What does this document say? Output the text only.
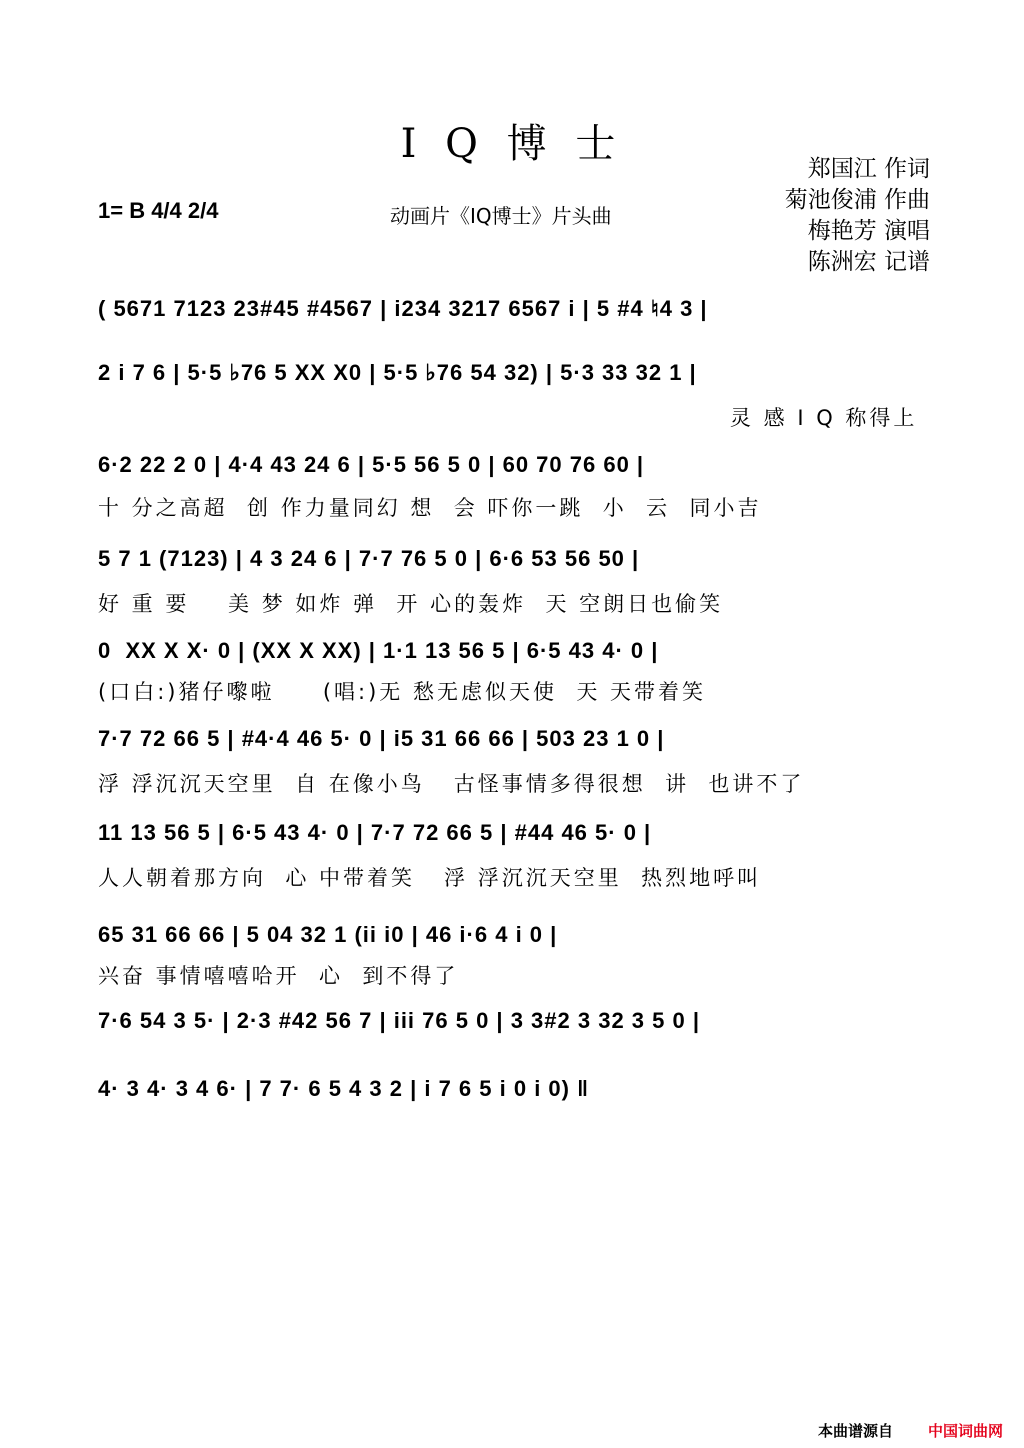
I Q 博 士
郑国江 作词
菊池俊浦 作曲
梅艳芳 演唱
陈洲宏 记谱
1= B 4/4 2/4	动画片《IQ博士》片头曲
( 5671 7123 23#45 #4567 | i234 3217 6567 i | 5 #4 ♮4 3 |
2 i 7 6 | 5·5 ♭76 5 XX X0 | 5·5 ♭76 54 32) | 5·3 33 32 1 |
灵 感 I Q 称得上
6·2 22 2 0 | 4·4 43 24 6 | 5·5 56 5 0 | 60 70 76 60 |
十 分之高超  创 作力量同幻 想  会 吓你一跳  小  云  同小吉
5 7 1 (7123) | 4 3 24 6 | 7·7 76 5 0 | 6·6 53 56 50 |
好 重 要    美 梦 如炸 弹  开 心的轰炸  天 空朗日也偷笑
0  XX X X· 0 | (XX X XX) | 1·1 13 56 5 | 6·5 43 4· 0 |
(口白:)猪仔嚟啦     (唱:)无 愁无虑似天使  天 天带着笑
7·7 72 66 5 | #4·4 46 5· 0 | i5 31 66 66 | 503 23 1 0 |
浮 浮沉沉天空里  自 在像小鸟   古怪事情多得很想  讲  也讲不了
11 13 56 5 | 6·5 43 4· 0 | 7·7 72 66 5 | #44 46 5· 0 |
人人朝着那方向  心 中带着笑   浮 浮沉沉天空里  热烈地呼叫
65 31 66 66 | 5 04 32 1 (ii i0 | 46 i·6 4 i 0 |
兴奋 事情嘻嘻哈开  心  到不得了
7·6 54 3 5· | 2·3 #42 56 7 | iii 76 5 0 | 3 3#2 3 32 3 5 0 |
4· 3 4· 3 4 6· | 7 7· 6 5 4 3 2 | i 7 6 5 i 0 i 0) ‖
本曲谱源自 中国词曲网
